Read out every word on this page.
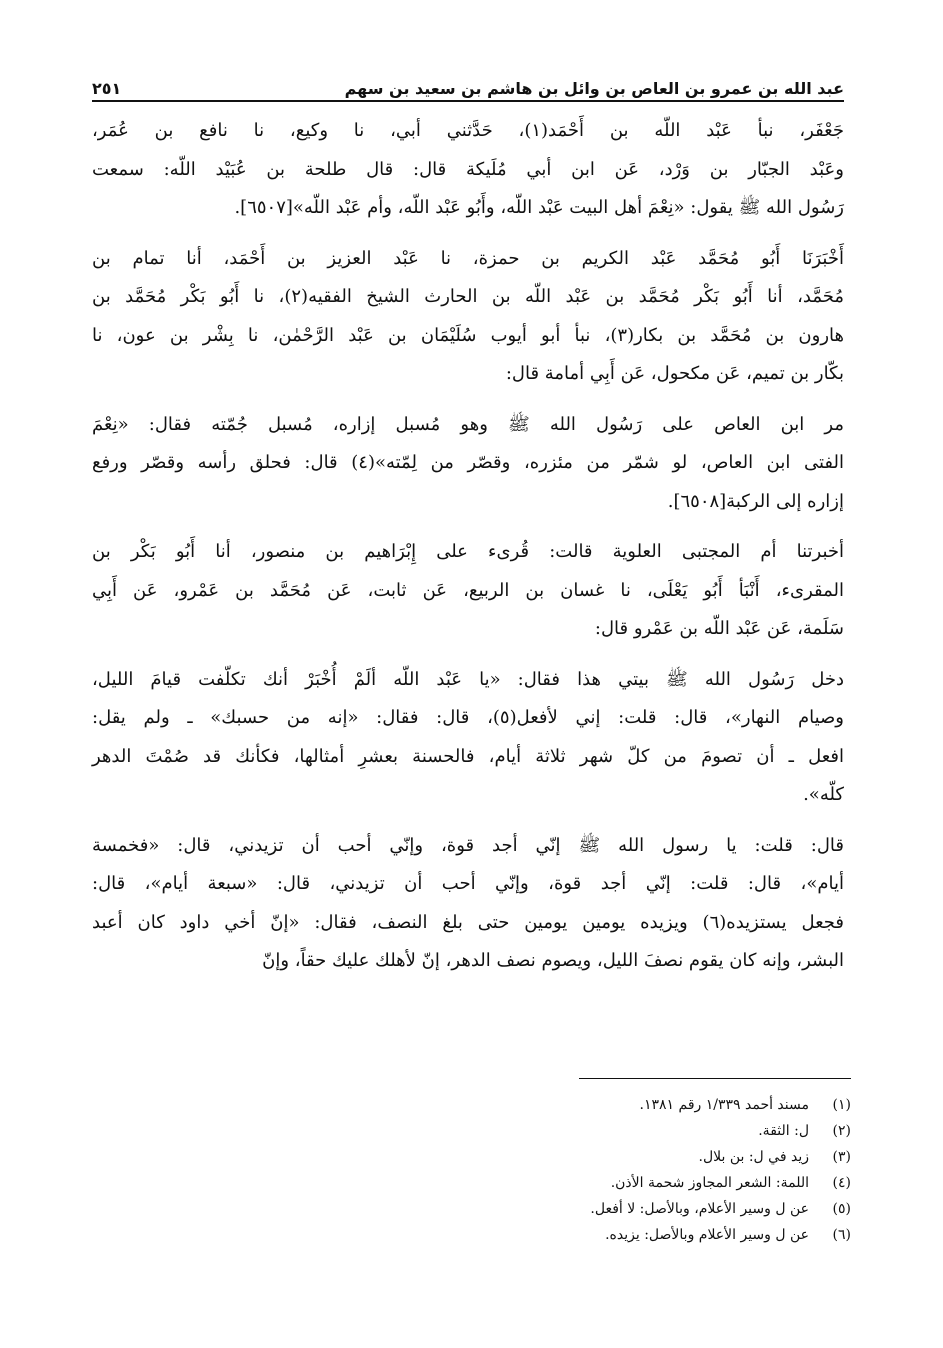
عبد الله بن عمرو بن العاص بن وائل بن هاشم بن سعيد بن سهم
٢٥١
جَعْفَر، نبأ عَبْد اللّه بن أَحْمَد(١)، حَدَّثني أبي، نا وكيع، نا نافع بن عُمَر،
وعَبْد الجبّار بن وَرْد، عَن ابن أبي مُلَيكة قال: قال طلحة بن عُبَيْد اللّه: سمعت
رَسُول الله ﷺ يقول: «نِعْمَ أهل البيت عَبْد اللّه، وأَبُو عَبْد اللّه، وأم عَبْد اللّه»[٦٥٠٧].
أَخْبَرَنَا أَبُو مُحَمَّد عَبْد الكريم بن حمزة، نا عَبْد العزيز بن أَحْمَد، أنا تمام بن
مُحَمَّد، أنا أَبُو بَكْر مُحَمَّد بن عَبْد اللّه بن الحارث الشيخ الفقيه(٢)، نا أَبُو بَكْر مُحَمَّد بن
هارون بن مُحَمَّد بن بكار(٣)، نبأ أبو أيوب سُلَيْمَان بن عَبْد الرَّحْمٰن، نا بِشْر بن عون، نا
بكّار بن تميم، عَن مكحول، عَن أَبِي أمامة قال:
مر ابن العاص على رَسُول الله ﷺ وهو مُسبل إزاره، مُسبل جُمّته فقال: «نِعْمَ
الفتى ابن العاص، لو شمّر من مئزره، وقصّر من لِمّته»(٤) قال: فحلق رأسه وقصّر ورفع
إزاره إلى الركبة[٦٥٠٨].
أخبرتنا أم المجتبى العلوية قالت: قُرىء على إِبْرَاهيم بن منصور، أنا أَبُو بَكْر بن
المقرىء، أَنْبَأ أَبُو يَعْلَى، نا غسان بن الربيع، عَن ثابت، عَن مُحَمَّد بن عَمْرو، عَن أَبِي
سَلَمة، عَن عَبْد اللّه بن عَمْرو قال:
دخل رَسُول الله ﷺ بيتي هذا فقال: «يا عَبْد اللّه ألَمْ أُخْبَرْ أنك تكلّفت قيامَ الليل،
وصيام النهار»، قال: قلت: إني لأفعل(٥)، قال: فقال: «إنه من حسبك» ـ ولم يقل:
افعل ـ أن تصومَ من كلّ شهر ثلاثة أيام، فالحسنة بعشرِ أمثالها، فكأنك قد صُمْتَ الدهر
كلّه».
قال: قلت: يا رسول الله ﷺ إنّي أجد قوة، وإنّي أحب أن تزيدني، قال: «فخمسة
أيام»، قال: قلت: إنّي أجد قوة، وإنّي أحب أن تزيدني، قال: «سبعة أيام»، قال:
فجعل يستزيده(٦) ويزيده يومين يومين حتى بلغ النصف، فقال: «إنّ أخي داود كان أعبد
البشر، وإنه كان يقوم نصفَ الليل، ويصوم نصف الدهر، إنّ لأهلك عليك حقاً، وإنّ
(١)
مسند أحمد ١/٣٣٩ رقم ١٣٨١.
(٢)
ل: الثقة.
(٣)
زيد في ل: بن بلال.
(٤)
اللمة: الشعر المجاوز شحمة الأذن.
(٥)
عن ل وسير الأعلام، وبالأصل: لا أفعل.
(٦)
عن ل وسير الأعلام وبالأصل: يزيده.
